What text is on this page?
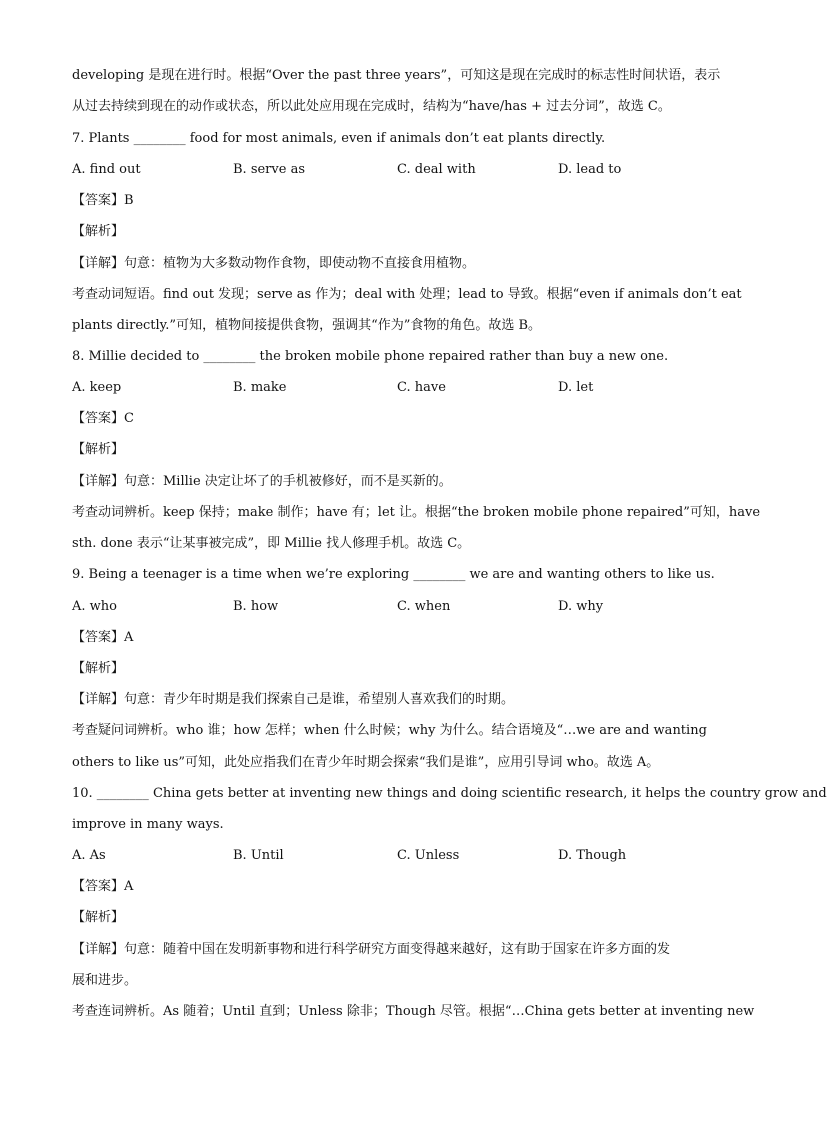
developing 是现在进行时。根据“Over the past three years”，可知这是现在完成时的标志性时间状语，表示
从过去持续到现在的动作或状态，所以此处应用现在完成时，结构为“have/has + 过去分词”，故选 C。
7. Plants ________ food for most animals, even if animals don’t eat plants directly.
A. find out	B. serve as	C. deal with	D. lead to
【答案】B
【解析】
【详解】句意：植物为大多数动物作食物，即使动物不直接食用植物。
考查动词短语。find out 发现；serve as 作为；deal with 处理；lead to 导致。根据“even if animals don’t eat
plants directly.”可知，植物间接提供食物，强调其“作为”食物的角色。故选 B。
8. Millie decided to ________ the broken mobile phone repaired rather than buy a new one.
A. keep	B. make	C. have	D. let
【答案】C
【解析】
【详解】句意：Millie 决定让坏了的手机被修好，而不是买新的。
考查动词辨析。keep 保持；make 制作；have 有；let 让。根据“the broken mobile phone repaired”可知，have
sth. done 表示“让某事被完成”，即 Millie 找人修理手机。故选 C。
9. Being a teenager is a time when we’re exploring ________ we are and wanting others to like us.
A. who	B. how	C. when	D. why
【答案】A
【解析】
【详解】句意：青少年时期是我们探索自己是谁，希望别人喜欢我们的时期。
考查疑问词辨析。who 谁；how 怎样；when 什么时候；why 为什么。结合语境及“…we are and wanting
others to like us”可知，此处应指我们在青少年时期会探索“我们是谁”，应用引导词 who。故选 A。
10. ________ China gets better at inventing new things and doing scientific research, it helps the country grow and
improve in many ways.
A. As	B. Until	C. Unless	D. Though
【答案】A
【解析】
【详解】句意：随着中国在发明新事物和进行科学研究方面变得越来越好，这有助于国家在许多方面的发
展和进步。
考查连词辨析。As 随着；Until 直到；Unless 除非；Though 尽管。根据“…China gets better at inventing new
